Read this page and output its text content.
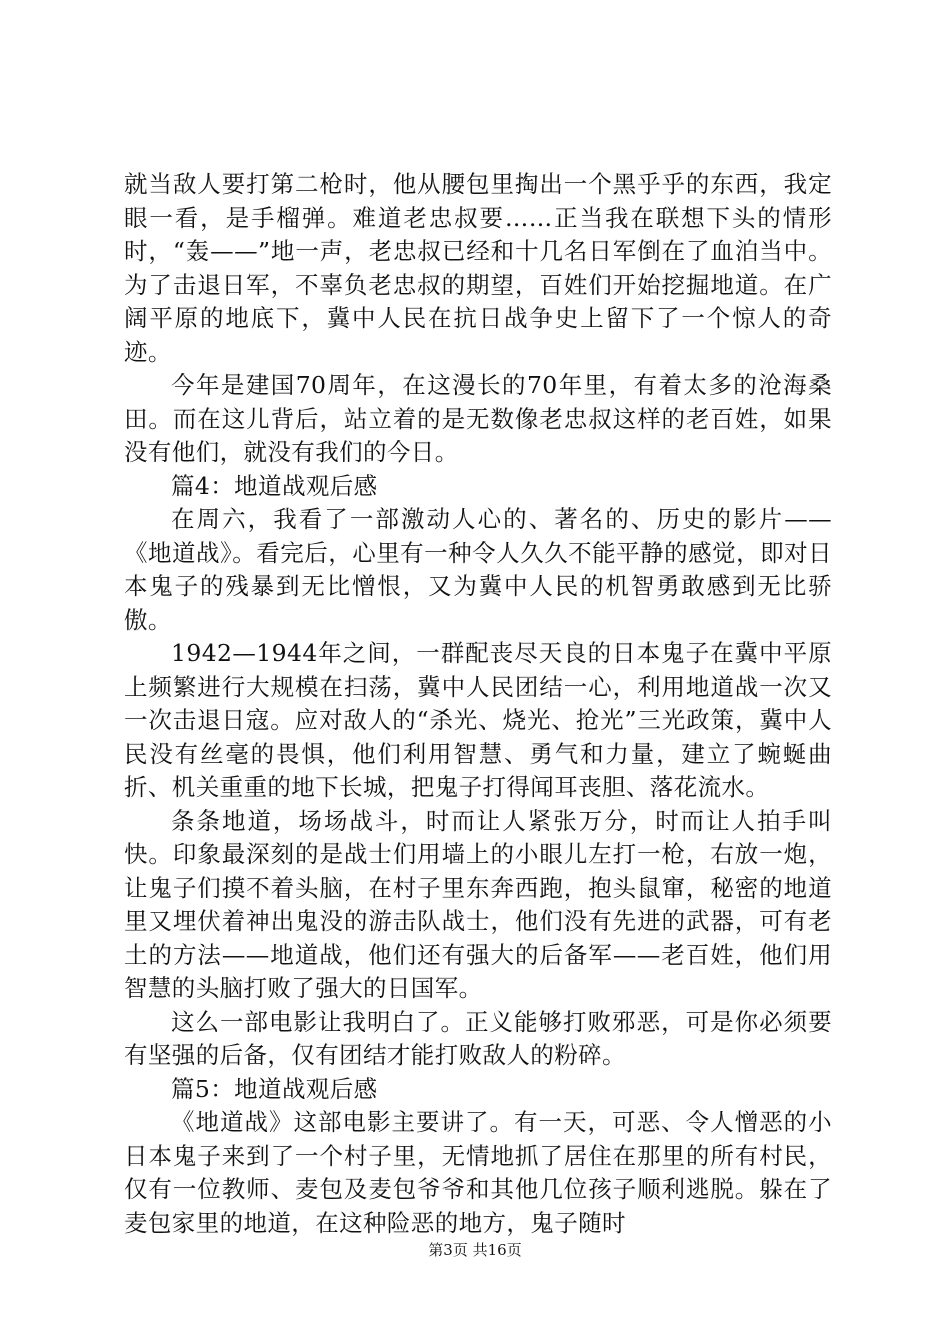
就当敌人要打第二枪时，他从腰包里掏出一个黑乎乎的东西，我定眼一看，是手榴弹。难道老忠叔要……正当我在联想下头的情形时，“轰——”地一声，老忠叔已经和十几名日军倒在了血泊当中。为了击退日军，不辜负老忠叔的期望，百姓们开始挖掘地道。在广阔平原的地底下，冀中人民在抗日战争史上留下了一个惊人的奇迹。

今年是建国70周年，在这漫长的70年里，有着太多的沧海桑田。而在这儿背后，站立着的是无数像老忠叔这样的老百姓，如果没有他们，就没有我们的今日。

篇4：地道战观后感

在周六，我看了一部激动人心的、著名的、历史的影片——《地道战》。看完后，心里有一种令人久久不能平静的感觉，即对日本鬼子的残暴到无比憎恨，又为冀中人民的机智勇敢感到无比骄傲。

1942—1944年之间，一群配丧尽天良的日本鬼子在冀中平原上频繁进行大规模在扫荡，冀中人民团结一心，利用地道战一次又一次击退日寇。应对敌人的“杀光、烧光、抢光”三光政策，冀中人民没有丝毫的畏惧，他们利用智慧、勇气和力量，建立了蜿蜒曲折、机关重重的地下长城，把鬼子打得闻耳丧胆、落花流水。

条条地道，场场战斗，时而让人紧张万分，时而让人拍手叫快。印象最深刻的是战士们用墙上的小眼儿左打一枪，右放一炮，让鬼子们摸不着头脑，在村子里东奔西跑，抱头鼠窜，秘密的地道里又埋伏着神出鬼没的游击队战士，他们没有先进的武器，可有老土的方法——地道战，他们还有强大的后备军——老百姓，他们用智慧的头脑打败了强大的日国军。

这么一部电影让我明白了。正义能够打败邪恶，可是你必须要有坚强的后备，仅有团结才能打败敌人的粉碎。

篇5：地道战观后感

《地道战》这部电影主要讲了。有一天，可恶、令人憎恶的小日本鬼子来到了一个村子里，无情地抓了居住在那里的所有村民，仅有一位教师、麦包及麦包爷爷和其他几位孩子顺利逃脱。躲在了麦包家里的地道，在这种险恶的地方，鬼子随时

第3页 共16页
